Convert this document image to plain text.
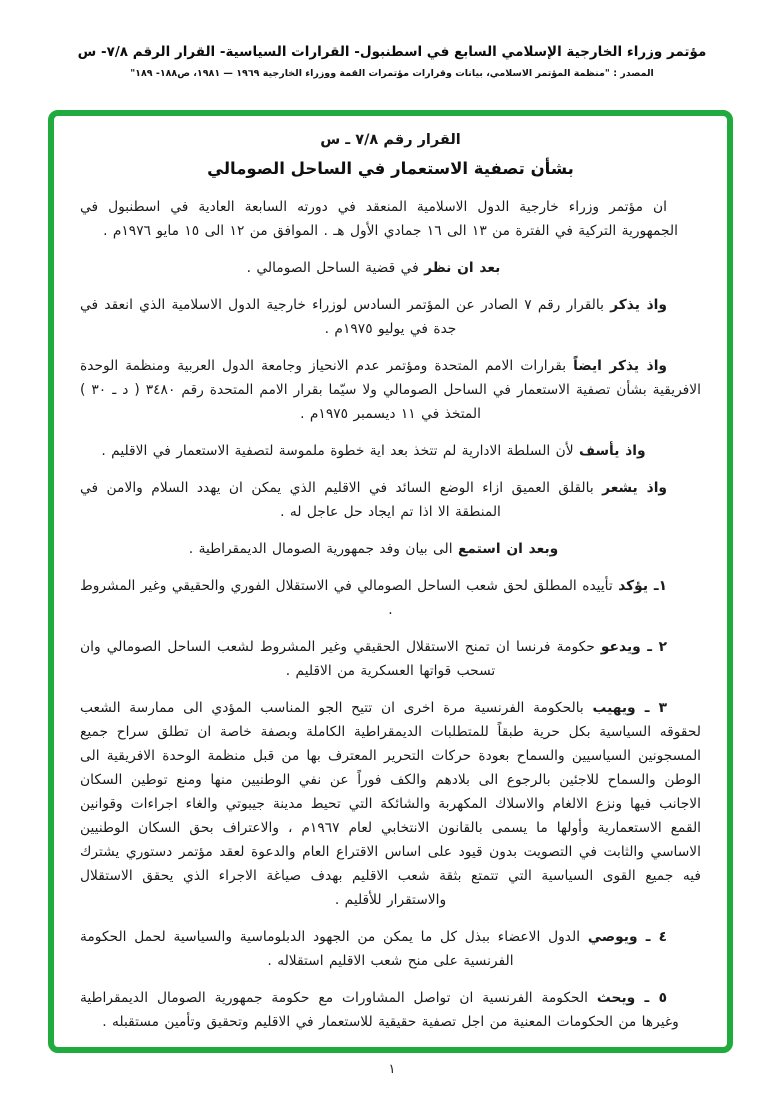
مؤتمر وزراء الخارجية الإسلامي السابع في اسطنبول- القرارات السياسية- القرار الرقم ٧/٨- س
المصدر : "منظمة المؤتمر الاسلامي، بيانات وقرارات مؤتمرات القمة ووزراء الخارجية ١٩٦٩ — ١٩٨١، ص١٨٨- ١٨٩"
القرار رقم ٧/٨ ـ س
بشأن تصفية الاستعمار في الساحل الصومالي

ان مؤتمر وزراء خارجية الدول الاسلامية المنعقد في دورته السابعة العادية في اسطنبول في الجمهورية التركية في الفترة من ١٣ الى ١٦ جمادي الأول هـ . الموافق من ١٢ الى ١٥ مايو ١٩٧٦م .

بعد ان نظر في قضية الساحل الصومالي .

واذ يذكر بالقرار رقم ٧ الصادر عن المؤتمر السادس لوزراء خارجية الدول الاسلامية الذي انعقد في جدة في يوليو ١٩٧٥م .

واذ يذكر ايضاً بقرارات الامم المتحدة ومؤتمر عدم الانحياز وجامعة الدول العربية ومنظمة الوحدة الافريقية بشأن تصفية الاستعمار في الساحل الصومالي ولا سيّما بقرار الامم المتحدة رقم ٣٤٨٠ ( د ـ ٣٠ ) المتخذ في ١١ ديسمبر ١٩٧٥م .

واذ يأسف لأن السلطة الادارية لم تتخذ بعد اية خطوة ملموسة لتصفية الاستعمار في الاقليم .

واذ يشعر بالقلق العميق ازاء الوضع السائد في الاقليم الذي يمكن ان يهدد السلام والامن في المنطقة الا اذا تم ايجاد حل عاجل له .

وبعد ان استمع الى بيان وفد جمهورية الصومال الديمقراطية .

١ـ يؤكد تأييده المطلق لحق شعب الساحل الصومالي في الاستقلال الفوري والحقيقي وغير المشروط .

٢ ـ ويدعو حكومة فرنسا ان تمنح الاستقلال الحقيقي وغير المشروط لشعب الساحل الصومالي وان تسحب قواتها العسكرية من الاقليم .

٣ ـ ويهيب بالحكومة الفرنسية مرة اخرى ان تتيح الجو المناسب المؤدي الى ممارسة الشعب لحقوقه السياسية بكل حرية طبقاً للمتطلبات الديمقراطية الكاملة وبصفة خاصة ان تطلق سراح جميع المسجونين السياسيين والسماح بعودة حركات التحرير المعترف بها من قبل منظمة الوحدة الافريقية الى الوطن والسماح للاجئين بالرجوع الى بلادهم والكف فوراً عن نفي الوطنيين منها ومنع توطين السكان الاجانب فيها ونزع الالغام والاسلاك المكهربة والشائكة التي تحيط مدينة جيبوتي والغاء اجراءات وقوانين القمع الاستعمارية وأولها ما يسمى بالقانون الانتخابي لعام ١٩٦٧م ، والاعتراف بحق السكان الوطنيين الاساسي والثابت في التصويت بدون قيود على اساس الاقتراع العام والدعوة لعقد مؤتمر دستوري يشترك فيه جميع القوى السياسية التي تتمتع بثقة شعب الاقليم بهدف صياغة الاجراء الذي يحقق الاستقلال والاستقرار للأقليم .

٤ ـ ويوصي الدول الاعضاء ببذل كل ما يمكن من الجهود الدبلوماسية والسياسية لحمل الحكومة الفرنسية على منح شعب الاقليم استقلاله .

٥ ـ ويحث الحكومة الفرنسية ان تواصل المشاورات مع حكومة جمهورية الصومال الديمقراطية وغيرها من الحكومات المعنية من اجل تصفية حقيقية للاستعمار في الاقليم وتحقيق وتأمين مستقبله .

١
